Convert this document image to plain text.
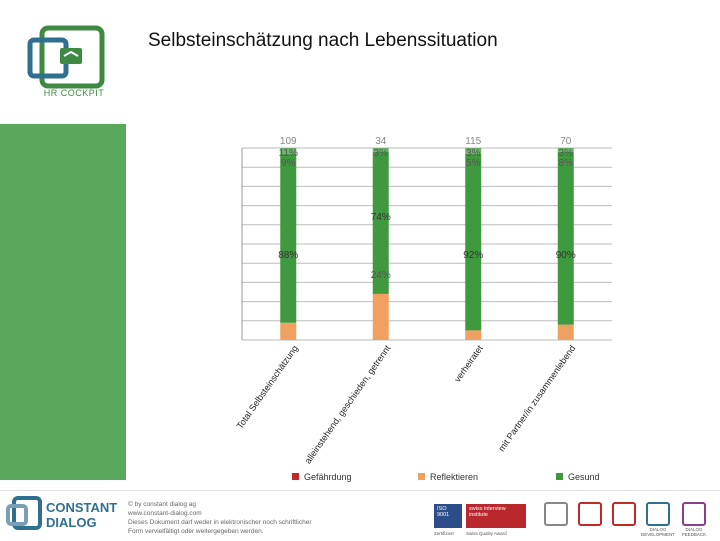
HR COCKPIT
Selbsteinschätzung nach Lebenssituation
109
11%
9%
88%
Total Selbsteinschätzung
34
3%
24%
74%
alleinstehend, geschieden, getrennt
115
3%
5%
92%
verheiratet
70
3%
8%
90%
mit Partner/in zusammenlebend
Gefährdung	Reflektieren	Gesund
CONSTANT
DIALOG
© by constant dialog ag
www.constant-dialog.com
Dieses Dokument darf weder in elektronischer noch schriftlicher
Form vervielfältigt oder weitergegeben werden.
ISO 9001
Zertifiziert
swiss interview institute
Swiss Quality Award
DIALOG DEVELOPMENT
DIALOG FEEDBACK
